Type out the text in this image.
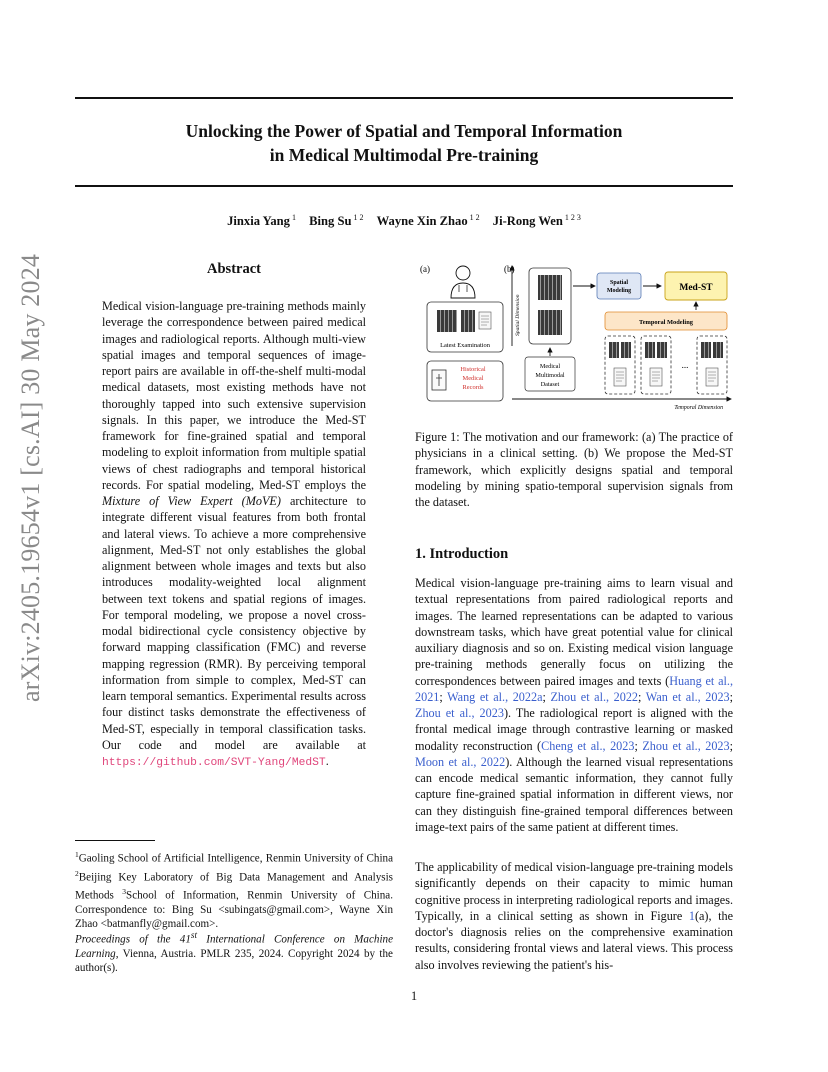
arXiv:2405.19654v1 [cs.AI] 30 May 2024
Unlocking the Power of Spatial and Temporal Information
in Medical Multimodal Pre-training
Jinxia Yang $^1$ Bing Su $^{1 2}$ Wayne Xin Zhao $^{1 2}$ Ji-Rong Wen $^{1 2 3}$
Abstract
Medical vision-language pre-training methods mainly leverage the correspondence between paired medical images and radiological reports. Although multi-view spatial images and temporal sequences of image-report pairs are available in off-the-shelf multi-modal medical datasets, most existing methods have not thoroughly tapped into such extensive supervision signals. In this paper, we introduce the Med-ST framework for fine-grained spatial and temporal modeling to exploit information from multiple spatial views of chest radiographs and temporal historical records. For spatial modeling, Med-ST employs the Mixture of View Expert (MoVE) architecture to integrate different visual features from both frontal and lateral views. To achieve a more comprehensive alignment, Med-ST not only establishes the global alignment between whole images and texts but also introduces modality-weighted local alignment between text tokens and spatial regions of images. For temporal modeling, we propose a novel cross-modal bidirectional cycle consistency objective by forward mapping classification (FMC) and reverse mapping regression (RMR). By perceiving temporal information from simple to complex, Med-ST can learn temporal semantics. Experimental results across four distinct tasks demonstrate the effectiveness of Med-ST, especially in temporal classification tasks. Our code and model are available at https://github.com/SVT-Yang/MedST.
$^1$Gaoling School of Artificial Intelligence, Renmin University of China $^2$Beijing Key Laboratory of Big Data Management and Analysis Methods $^3$School of Information, Renmin University of China. Correspondence to: Bing Su <subingats@gmail.com>, Wayne Xin Zhao <batmanfly@gmail.com>.
Proceedings of the 41st International Conference on Machine Learning, Vienna, Austria. PMLR 235, 2024. Copyright 2024 by the author(s).
(a)	(b)
Latest Examination
Historical
Medical
Records
Spatial Dimension
Spatial
Modeling	Med-ST
Temporal Modeling
Medical
Multimodal
Dataset
...
Temporal Dimension
Figure 1: The motivation and our framework: (a) The practice of physicians in a clinical setting. (b) We propose the Med-ST framework, which explicitly designs spatial and temporal modeling by mining spatio-temporal supervision signals from the dataset.
1. Introduction
Medical vision-language pre-training aims to learn visual and textual representations from paired radiological reports and images. The learned representations can be adapted to various downstream tasks, which have great potential value for clinical auxiliary diagnosis and so on. Existing medical vision language pre-training methods generally focus on utilizing the correspondences between paired images and texts (Huang et al., 2021; Wang et al., 2022a; Zhou et al., 2022; Wan et al., 2023; Zhou et al., 2023). The radiological report is aligned with the frontal medical image through contrastive learning or masked modality reconstruction (Cheng et al., 2023; Zhou et al., 2023; Moon et al., 2022). Although the learned visual representations can encode medical semantic information, they cannot fully capture fine-grained spatial information in different views, nor can they distinguish fine-grained temporal differences between image-text pairs of the same patient at different times.
The applicability of medical vision-language pre-training models significantly depends on their capacity to mimic human cognitive process in interpreting radiological reports and images. Typically, in a clinical setting as shown in Figure 1(a), the doctor's diagnosis relies on the comprehensive examination results, considering frontal views and lateral views. This process also involves reviewing the patient's his-
1
